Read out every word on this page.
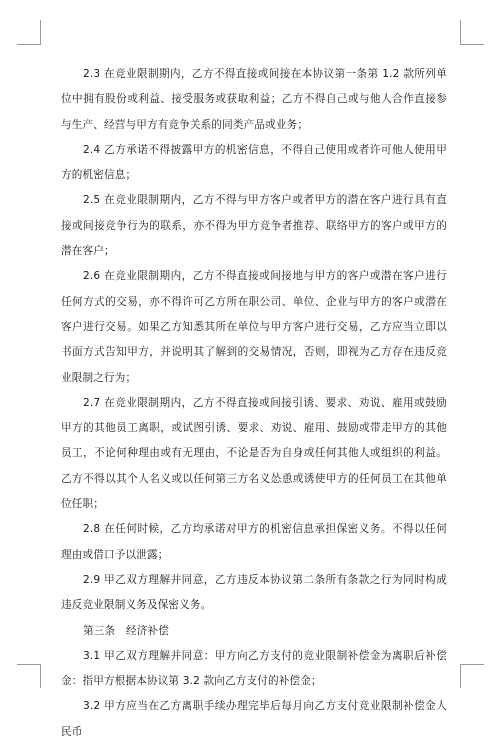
2.3 在竞业限制期内，乙方不得直接或间接在本协议第一条第 1.2 款所列单位中拥有股份或利益、接受服务或获取利益；乙方不得自己或与他人合作直接参与生产、经营与甲方有竞争关系的同类产品或业务；

2.4 乙方承诺不得披露甲方的机密信息，不得自己使用或者许可他人使用甲方的机密信息；

2.5 在竞业限制期内，乙方不得与甲方客户或者甲方的潜在客户进行具有直接或间接竞争行为的联系，亦不得为甲方竞争者推荐、联络甲方的客户或甲方的潜在客户；

2.6 在竞业限制期内，乙方不得直接或间接地与甲方的客户或潜在客户进行任何方式的交易，亦不得许可乙方所在职公司、单位、企业与甲方的客户或潜在客户进行交易。如果乙方知悉其所在单位与甲方客户进行交易，乙方应当立即以书面方式告知甲方，并说明其了解到的交易情况，否则，即视为乙方存在违反竞业限制之行为；

2.7 在竞业限制期内，乙方不得直接或间接引诱、要求、劝说、雇用或鼓励甲方的其他员工离职，或试图引诱、要求、劝说、雇用、鼓励或带走甲方的其他员工，不论何种理由或有无理由，不论是否为自身或任何其他人或组织的利益。乙方不得以其个人名义或以任何第三方名义怂恿或诱使甲方的任何员工在其他单位任职；

2.8 在任何时候，乙方均承诺对甲方的机密信息承担保密义务。不得以任何理由或借口予以泄露；

2.9 甲乙双方理解并同意，乙方违反本协议第二条所有条款之行为同时构成违反竞业限制义务及保密义务。

第三条　经济补偿

3.1 甲乙双方理解并同意：甲方向乙方支付的竞业限制补偿金为离职后补偿金：指甲方根据本协议第 3.2 款向乙方支付的补偿金；

3.2 甲方应当在乙方离职手续办理完毕后每月向乙方支付竞业限制补偿金人民币
